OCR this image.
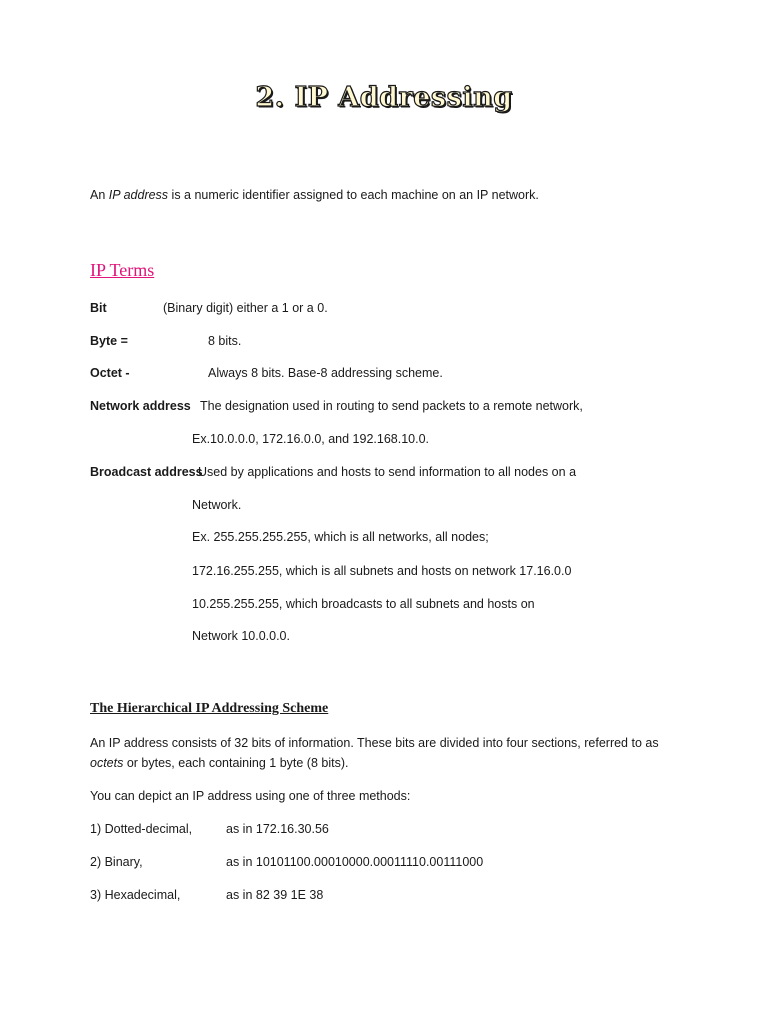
2. IP Addressing
An IP address is a numeric identifier assigned to each machine on an IP network.
IP Terms
Bit	(Binary digit) either a 1 or a 0.
Byte =	8 bits.
Octet -	Always 8 bits. Base-8 addressing scheme.
Network address The designation used in routing to send packets to a remote network,
Ex.10.0.0.0, 172.16.0.0, and 192.168.10.0.
Broadcast address
Used by applications and hosts to send information to all nodes on a
Network.
Ex. 255.255.255.255, which is all networks, all nodes;
172.16.255.255, which is all subnets and hosts on network 17.16.0.0
10.255.255.255, which broadcasts to all subnets and hosts on
Network 10.0.0.0.
The Hierarchical IP Addressing Scheme
An IP address consists of 32 bits of information. These bits are divided into four sections, referred to as
octets or bytes, each containing 1 byte (8 bits).
You can depict an IP address using one of three methods:
1) Dotted-decimal,	as in 172.16.30.56
2) Binary,	as in 10101100.00010000.00011110.00111000
3) Hexadecimal,	as in 82 39 1E 38
